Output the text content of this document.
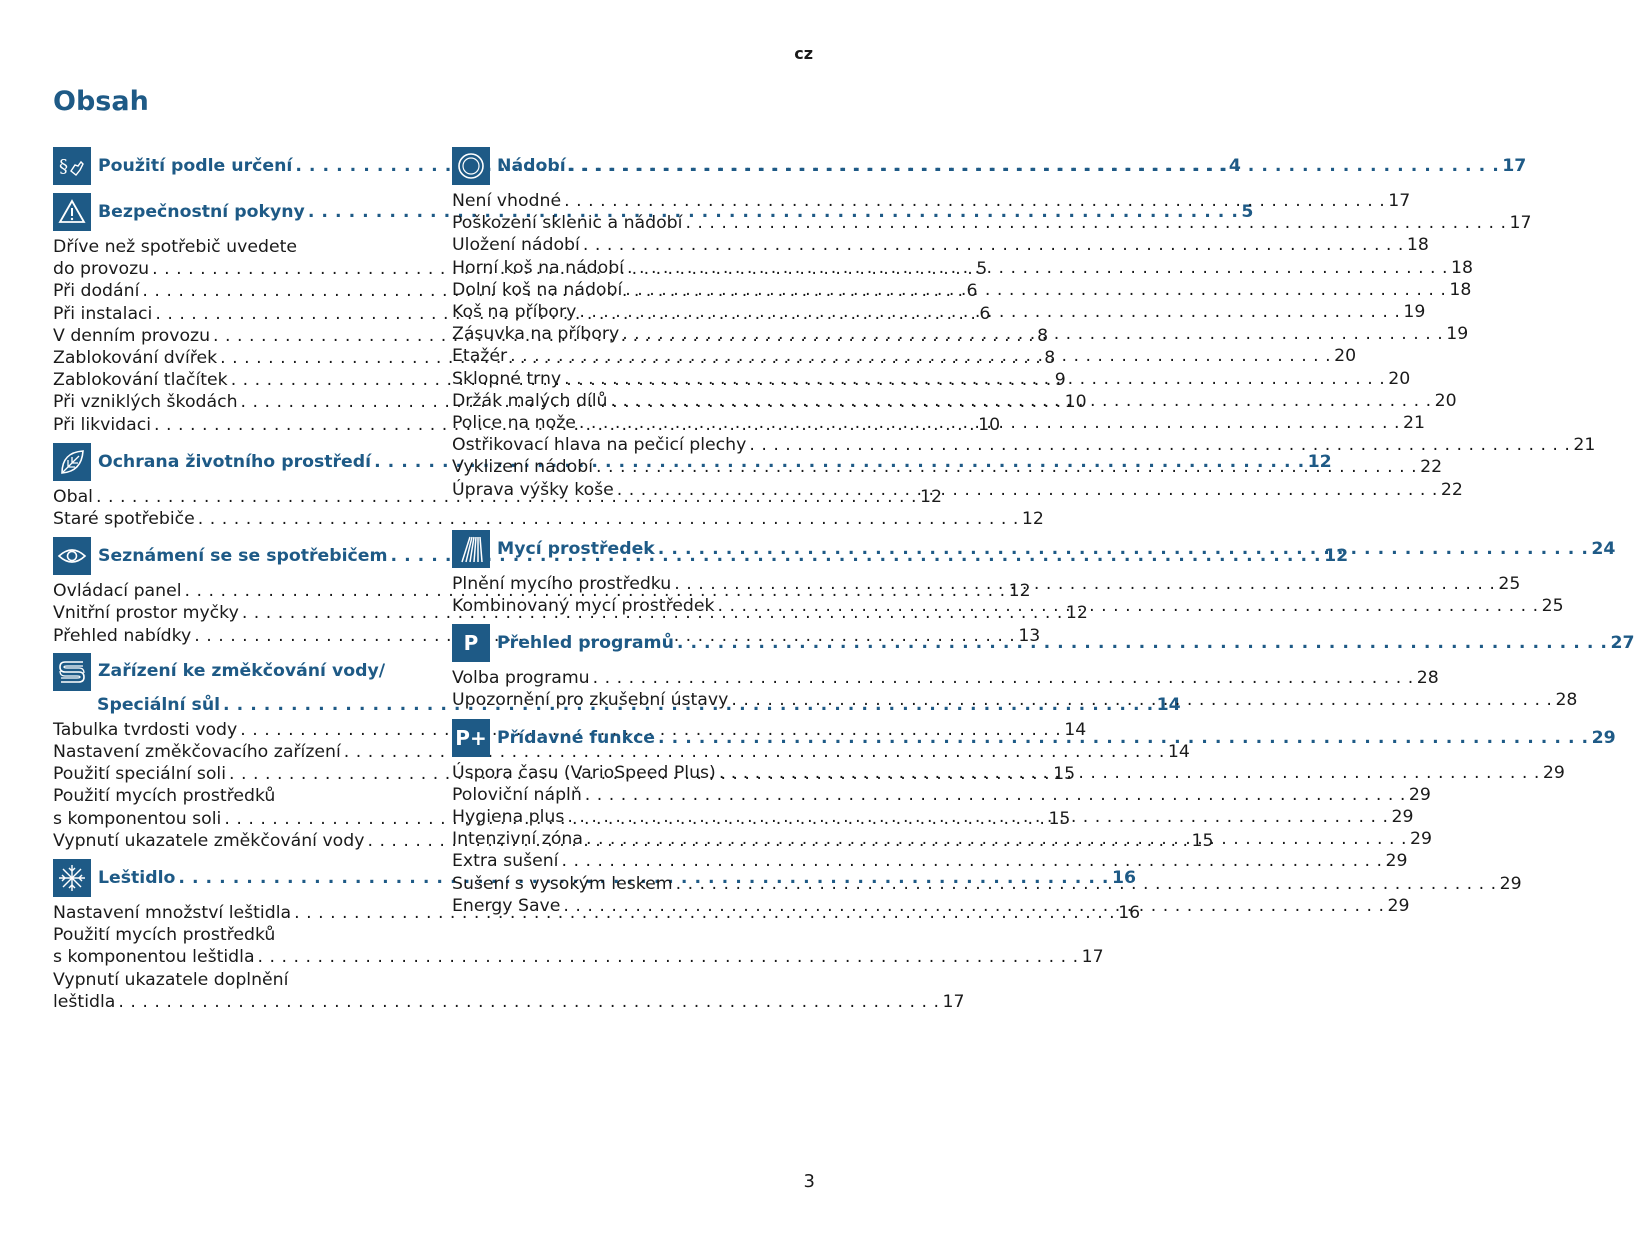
cz
Obsah
§ Použití podle určení . . .	4
Bezpečnostní pokyny . . .	5
Dříve než spotřebič uvedete
do provozu . . .	5
Při dodání . . .	6
Při instalaci . . .	6
V denním provozu . . .	8
Zablokování dvířek . . .	8
Zablokování tlačítek . . .	9
Při vzniklých škodách . . .	10
Při likvidaci . . .	10
Ochrana životního prostředí . . .	12
Obal . . .	12
Staré spotřebiče . . .	12
Seznámení se se spotřebičem . . .	12
Ovládací panel . . .	12
Vnitřní prostor myčky . . .	12
Přehled nabídky . . .	13
Zařízení ke změkčování vody/
Speciální sůl . . .	14
Tabulka tvrdosti vody . . .	14
Nastavení změkčovacího zařízení . . .	14
Použití speciální soli . . .	15
Použití mycích prostředků
s komponentou soli . . .	15
Vypnutí ukazatele změkčování vody . . .	15
Leštidlo . . .	16
Nastavení množství leštidla . . .	16
Použití mycích prostředků
s komponentou leštidla . . .	17
Vypnutí ukazatele doplnění
leštidla . . .	17
Nádobí . . .	17
Není vhodné . . .	17
Poškození sklenic a nádobí . . .	17
Uložení nádobí . . .	18
Horní koš na nádobí . . .	18
Dolní koš na nádobí . . .	18
Koš na příbory . . .	19
Zásuvka na příbory . . .	19
Etažér . . .	20
Sklopné trny . . .	20
Držák malých dílů . . .	20
Police na nože . . .	21
Ostřikovací hlava na pečicí plechy . . .	21
Vyklizení nádobí . . .	22
Úprava výšky koše . . .	22
Mycí prostředek . . .	24
Plnění mycího prostředku . . .	25
Kombinovaný mycí prostředek . . .	25
P	Přehled programů . . .	27
Volba programu . . .	28
Upozornění pro zkušební ústavy . . .	28
P+ Přídavné funkce . . .	29
Úspora času (VarioSpeed Plus) . . .	29
Poloviční náplň . . .	29
Hygiena plus . . .	29
Intenzivní zóna . . .	29
Extra sušení . . .	29
Sušení s vysokým leskem . . .	29
Energy Save . . .	29
3
